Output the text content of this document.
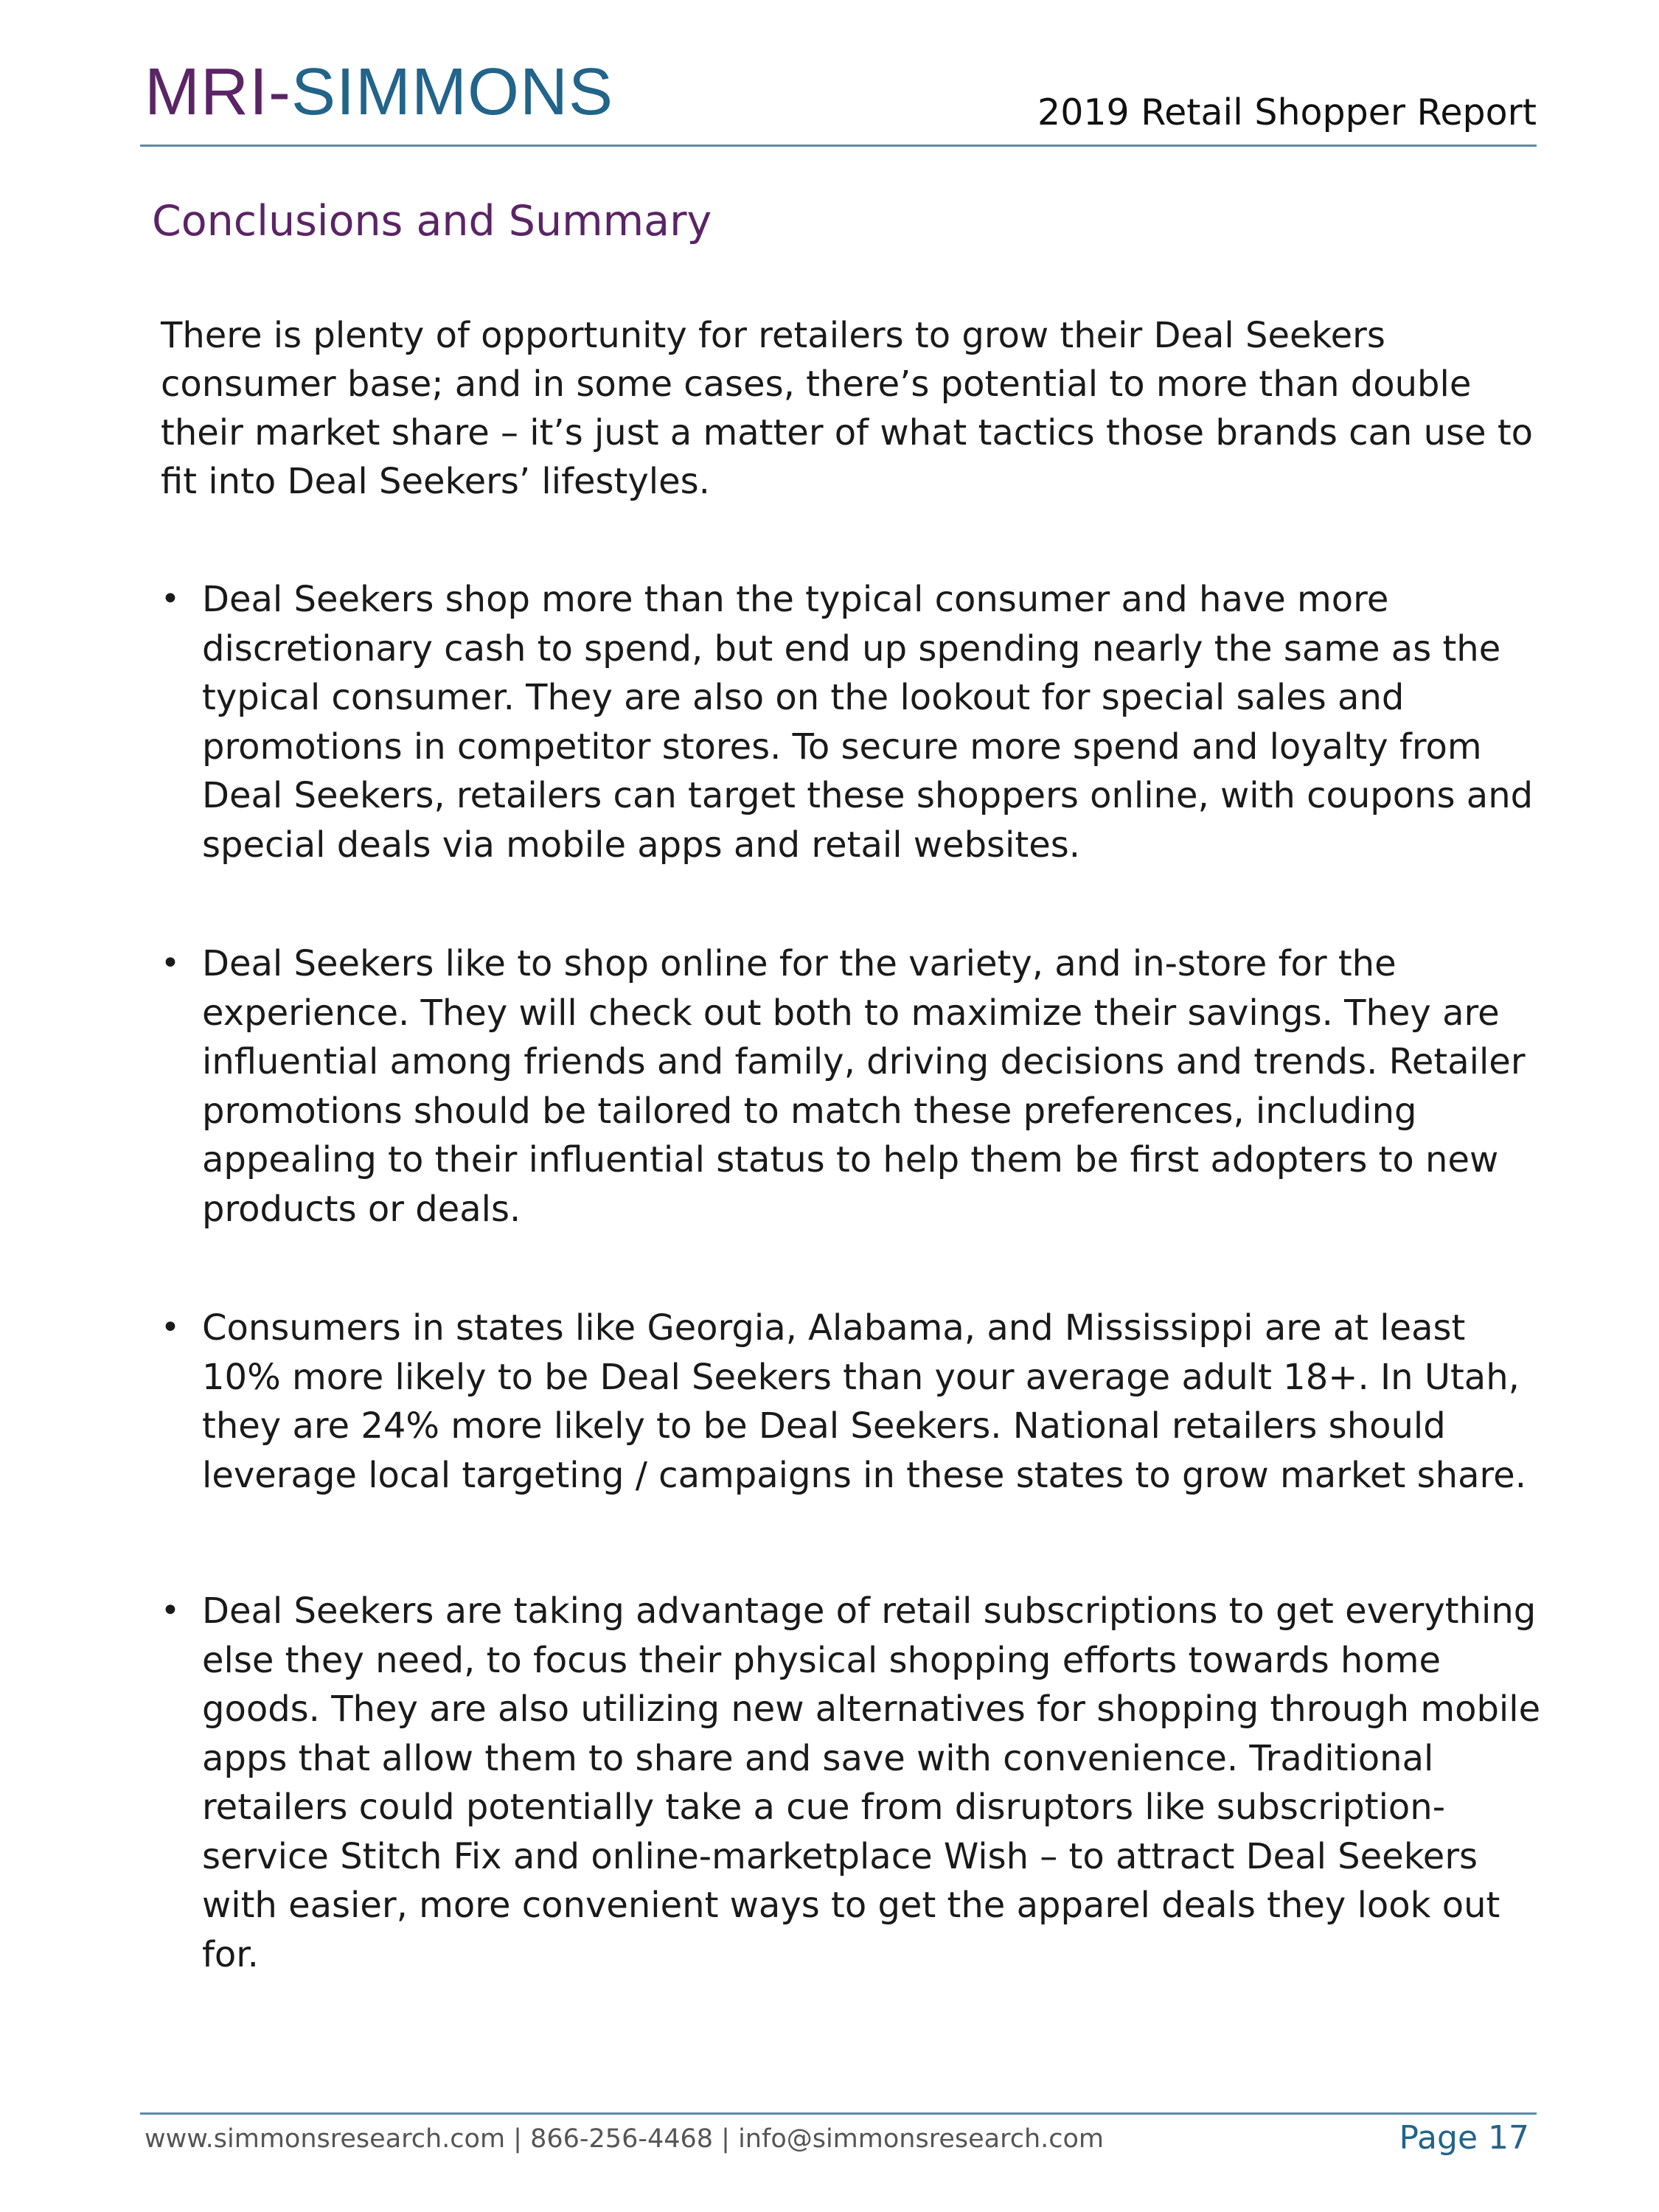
MRI-SIMMONS	2019 Retail Shopper Report
Conclusions and Summary

There is plenty of opportunity for retailers to grow their Deal Seekers consumer base; and in some cases, there’s potential to more than double their market share – it’s just a matter of what tactics those brands can use to fit into Deal Seekers’ lifestyles.

• Deal Seekers shop more than the typical consumer and have more discretionary cash to spend, but end up spending nearly the same as the typical consumer. They are also on the lookout for special sales and promotions in competitor stores. To secure more spend and loyalty from Deal Seekers, retailers can target these shoppers online, with coupons and special deals via mobile apps and retail websites.
• Deal Seekers like to shop online for the variety, and in-store for the experience. They will check out both to maximize their savings. They are influential among friends and family, driving decisions and trends. Retailer promotions should be tailored to match these preferences, including appealing to their influential status to help them be first adopters to new products or deals.
• Consumers in states like Georgia, Alabama, and Mississippi are at least 10% more likely to be Deal Seekers than your average adult 18+. In Utah, they are 24% more likely to be Deal Seekers. National retailers should leverage local targeting / campaigns in these states to grow market share.
• Deal Seekers are taking advantage of retail subscriptions to get everything else they need, to focus their physical shopping efforts towards home goods. They are also utilizing new alternatives for shopping through mobile apps that allow them to share and save with convenience. Traditional retailers could potentially take a cue from disruptors like subscription-service Stitch Fix and online-marketplace Wish – to attract Deal Seekers with easier, more convenient ways to get the apparel deals they look out for.
www.simmonsresearch.com | 866-256-4468 | info@simmonsresearch.com	Page 17
